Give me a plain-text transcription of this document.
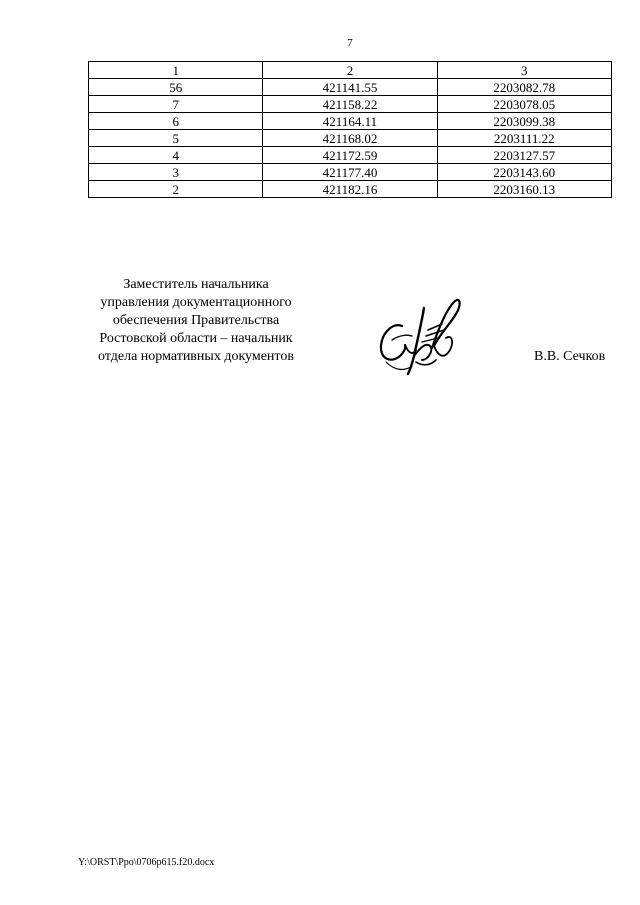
7
1	2	3
56	421141.55	2203082.78
7	421158.22	2203078.05
6	421164.11	2203099.38
5	421168.02	2203111.22
4	421172.59	2203127.57
3	421177.40	2203143.60
2	421182.16	2203160.13
Заместитель начальника
управления документационного
обеспечения Правительства
Ростовской области – начальник
отдела нормативных документов	В.В. Сечков
Y:\ORST\Ppo\0706p615.f20.docx
